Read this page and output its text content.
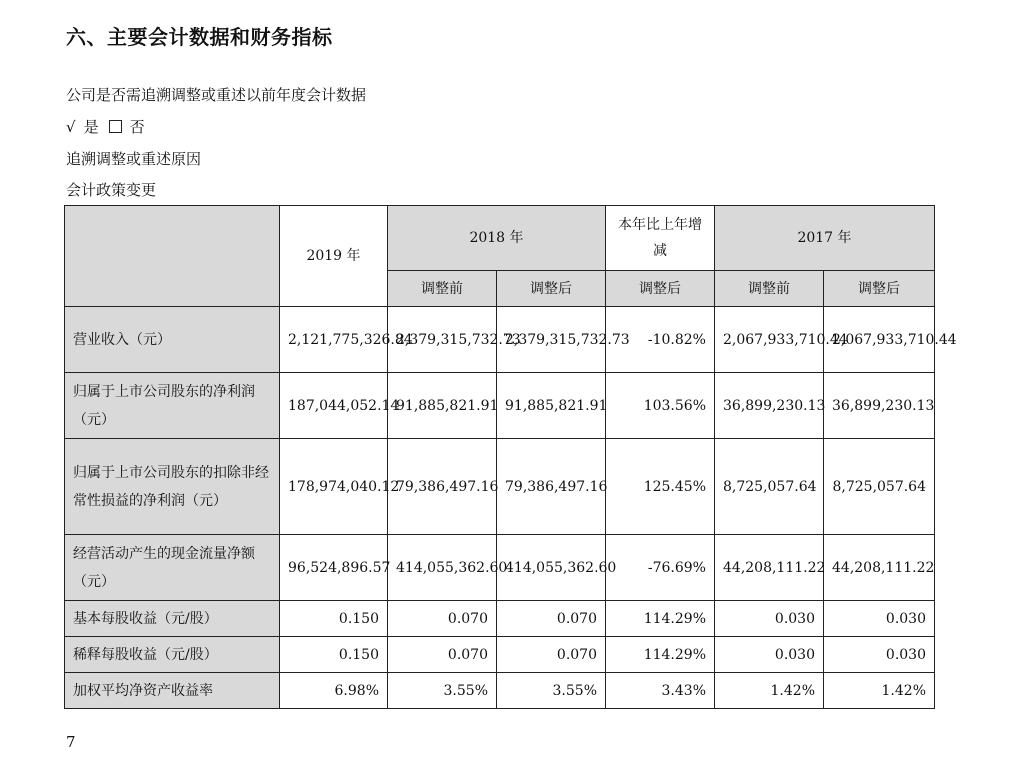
六、主要会计数据和财务指标
公司是否需追溯调整或重述以前年度会计数据
√ 是 否
追溯调整或重述原因
会计政策变更
	2019 年	2018 年		本年比上年增减	2017 年	
		调整前	调整后	调整后	调整前	调整后
营业收入（元）	2,121,775,326.84	2,379,315,732.73	2,379,315,732.73	-10.82%	2,067,933,710.44	2,067,933,710.44
归属于上市公司股东的净利润（元）	187,044,052.14	91,885,821.91	91,885,821.91	103.56%	36,899,230.13	36,899,230.13
归属于上市公司股东的扣除非经常性损益的净利润（元）	178,974,040.12	79,386,497.16	79,386,497.16	125.45%	8,725,057.64	8,725,057.64
经营活动产生的现金流量净额（元）	96,524,896.57	414,055,362.60	414,055,362.60	-76.69%	44,208,111.22	44,208,111.22
基本每股收益（元/股）	0.150	0.070	0.070	114.29%	0.030	0.030
稀释每股收益（元/股）	0.150	0.070	0.070	114.29%	0.030	0.030
加权平均净资产收益率	6.98%	3.55%	3.55%	3.43%	1.42%	1.42%
7
